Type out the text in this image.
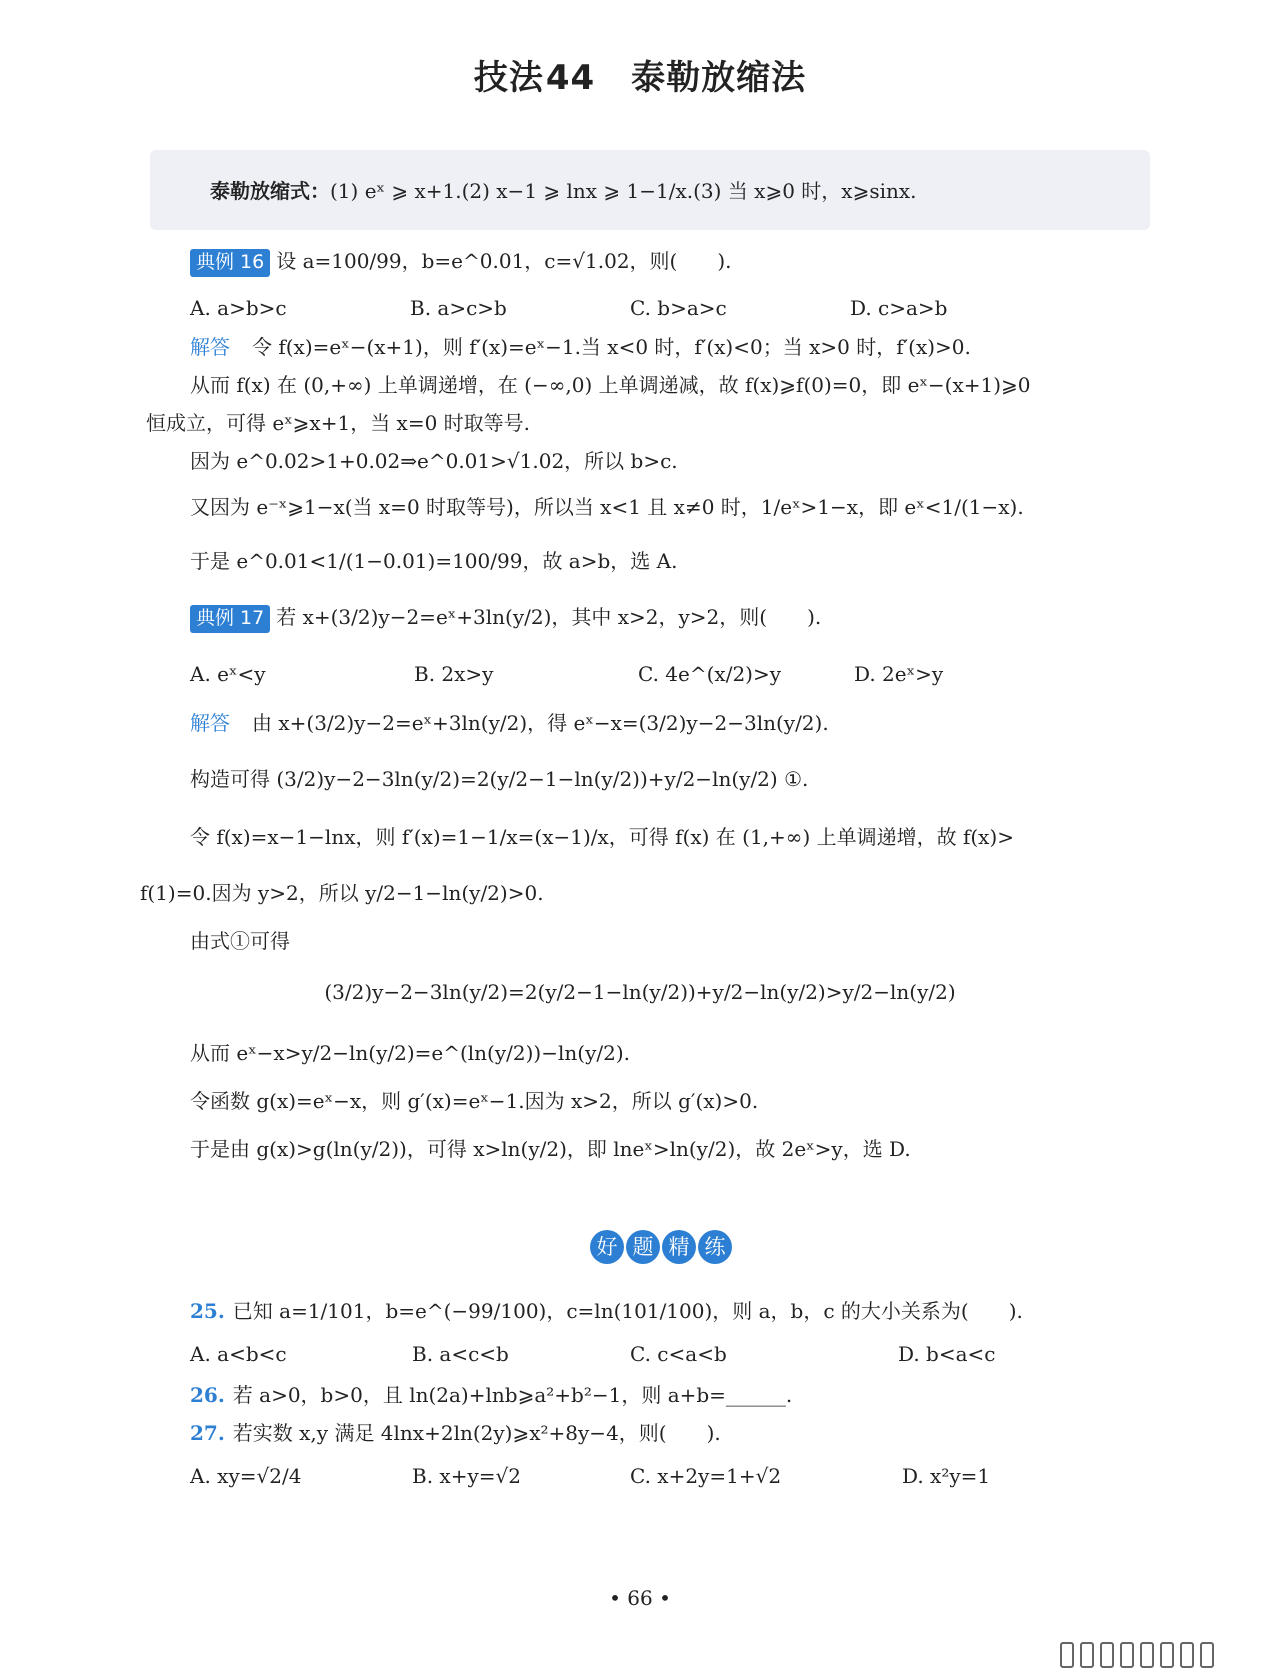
技法44 泰勒放缩法
泰勒放缩式：(1) eˣ ⩾ x+1.(2) x−1 ⩾ lnx ⩾ 1−1/x.(3) 当 x⩾0 时，x⩾sinx.
典例 16 设 a=100/99，b=e^0.01，c=√1.02，则(　　).
A. a>b>c	B. a>c>b	C. b>a>c	D. c>a>b
解答 令 f(x)=eˣ−(x+1)，则 f′(x)=eˣ−1.当 x<0 时，f′(x)<0；当 x>0 时，f′(x)>0.
从而 f(x) 在 (0,+∞) 上单调递增，在 (−∞,0) 上单调递减，故 f(x)⩾f(0)=0，即 eˣ−(x+1)⩾0
恒成立，可得 eˣ⩾x+1，当 x=0 时取等号.
因为 e^0.02>1+0.02⇒e^0.01>√1.02，所以 b>c.
又因为 e⁻ˣ⩾1−x(当 x=0 时取等号)，所以当 x<1 且 x≠0 时，1/eˣ>1−x，即 eˣ<1/(1−x).
于是 e^0.01<1/(1−0.01)=100/99，故 a>b，选 A.
典例 17 若 x+(3/2)y−2=eˣ+3ln(y/2)，其中 x>2，y>2，则(　　).
A. eˣ<y	B. 2x>y	C. 4e^(x/2)>y	D. 2eˣ>y
解答 由 x+(3/2)y−2=eˣ+3ln(y/2)，得 eˣ−x=(3/2)y−2−3ln(y/2).
构造可得 (3/2)y−2−3ln(y/2)=2(y/2−1−ln(y/2))+y/2−ln(y/2) ①.
令 f(x)=x−1−lnx，则 f′(x)=1−1/x=(x−1)/x，可得 f(x) 在 (1,+∞) 上单调递增，故 f(x)>
f(1)=0.因为 y>2，所以 y/2−1−ln(y/2)>0.
由式①可得
(3/2)y−2−3ln(y/2)=2(y/2−1−ln(y/2))+y/2−ln(y/2)>y/2−ln(y/2)
从而 eˣ−x>y/2−ln(y/2)=e^(ln(y/2))−ln(y/2).
令函数 g(x)=eˣ−x，则 g′(x)=eˣ−1.因为 x>2，所以 g′(x)>0.
于是由 g(x)>g(ln(y/2))，可得 x>ln(y/2)，即 lneˣ>ln(y/2)，故 2eˣ>y，选 D.
好 题 精 练
25. 已知 a=1/101，b=e^(−99/100)，c=ln(101/100)，则 a，b，c 的大小关系为(　　).
A. a<b<c	B. a<c<b	C. c<a<b	D. b<a<c
26. 若 a>0，b>0，且 ln(2a)+lnb⩾a²+b²−1，则 a+b=______.
27. 若实数 x,y 满足 4lnx+2ln(2y)⩾x²+8y−4，则(　　).
A. xy=√2/4	B. x+y=√2	C. x+2y=1+√2	D. x²y=1
• 66 •
